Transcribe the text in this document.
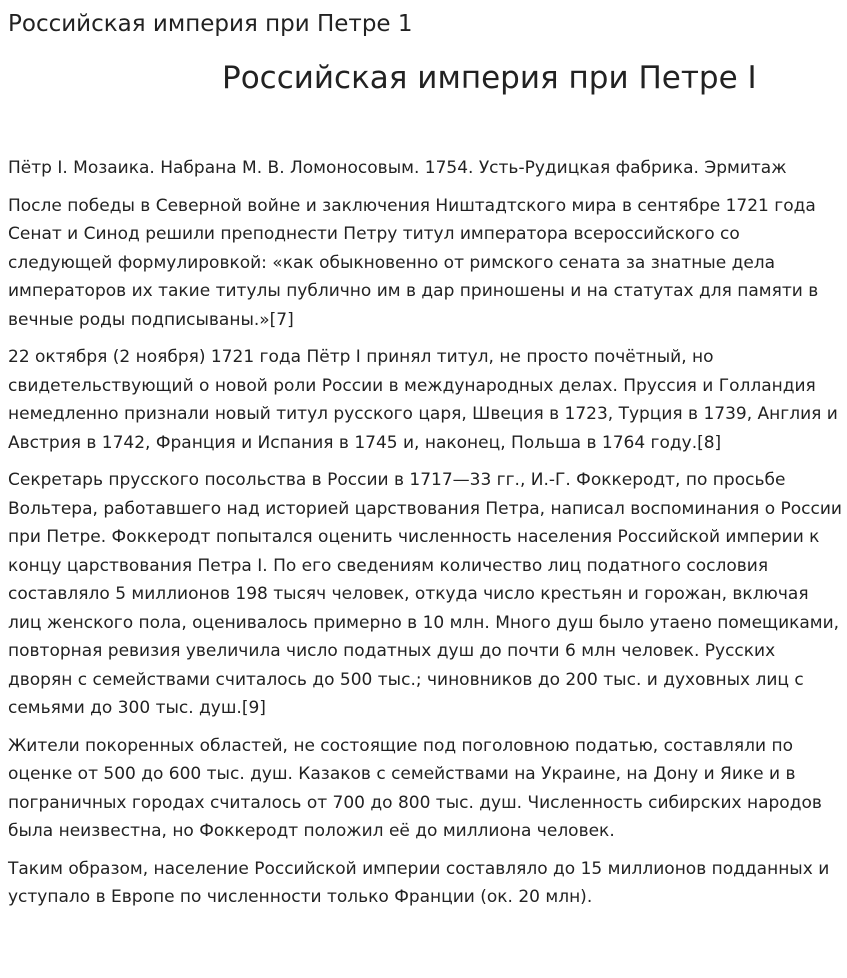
Российская империя при Петре 1
Российская империя при Петре I

Пётр I. Мозаика. Набрана М. В. Ломоносовым. 1754. Усть-Рудицкая фабрика. Эрмитаж

После победы в Северной войне и заключения Ништадтского мира в сентябре 1721 года Сенат и Синод решили преподнести Петру титул императора всероссийского со следующей формулировкой: «как обыкновенно от римского сената за знатные дела императоров их такие титулы публично им в дар приношены и на статутах для памяти в вечные роды подписываны.»[7]

22 октября (2 ноября) 1721 года Пётр I принял титул, не просто почётный, но свидетельствующий о новой роли России в международных делах. Пруссия и Голландия немедленно признали новый титул русского царя, Швеция в 1723, Турция в 1739, Англия и Австрия в 1742, Франция и Испания в 1745 и, наконец, Польша в 1764 году.[8]

Секретарь прусского посольства в России в 1717—33 гг., И.-Г. Фоккеродт, по просьбе Вольтера, работавшего над историей царствования Петра, написал воспоминания о России при Петре. Фоккеродт попытался оценить численность населения Российской империи к концу царствования Петра I. По его сведениям количество лиц податного сословия составляло 5 миллионов 198 тысяч человек, откуда число крестьян и горожан, включая лиц женского пола, оценивалось примерно в 10 млн. Много душ было утаено помещиками, повторная ревизия увеличила число податных душ до почти 6 млн человек. Русских дворян с семействами считалось до 500 тыс.; чиновников до 200 тыс. и духовных лиц с семьями до 300 тыс. душ.[9]

Жители покоренных областей, не состоящие под поголовною податью, составляли по оценке от 500 до 600 тыс. душ. Казаков с семействами на Украине, на Дону и Яике и в пограничных городах считалось от 700 до 800 тыс. душ. Численность сибирских народов была неизвестна, но Фоккеродт положил её до миллиона человек.

Таким образом, население Российской империи составляло до 15 миллионов подданных и уступало в Европе по численности только Франции (ок. 20 млн).
